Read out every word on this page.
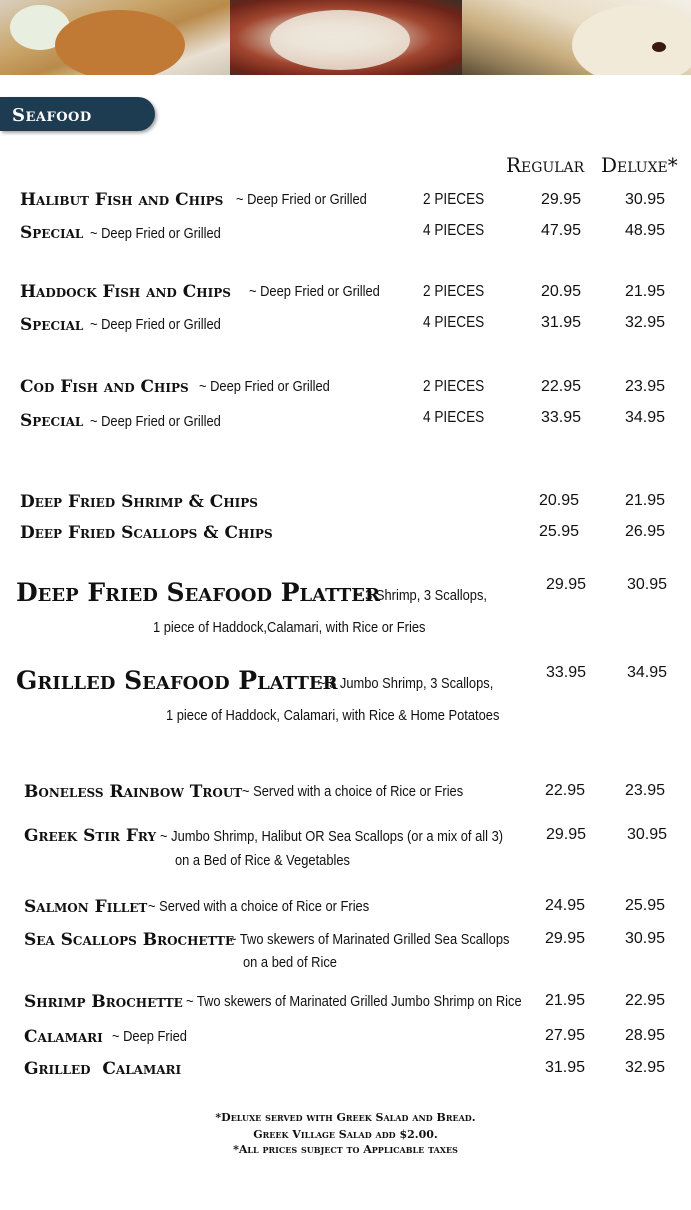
Seafood
Regular Deluxe*
Halibut Fish and Chips ~ Deep Fried or Grilled	2 PIECES	29.95	30.95
Special ~ Deep Fried or Grilled	4 PIECES	47.95	48.95
Haddock Fish and Chips ~ Deep Fried or Grilled	2 PIECES	20.95	21.95
Special ~ Deep Fried or Grilled	4 PIECES	31.95	32.95
Cod Fish and Chips ~ Deep Fried or Grilled	2 PIECES	22.95	23.95
Special ~ Deep Fried or Grilled	4 PIECES	33.95	34.95
Deep Fried Shrimp & Chips	20.95	21.95
Deep Fried Scallops & Chips	25.95	26.95
Deep Fried Seafood Platter
~ 3 Shrimp, 3 Scallops,
1 piece of Haddock,Calamari, with Rice or Fries
29.95	30.95
Grilled Seafood Platter
~ 3 Jumbo Shrimp, 3 Scallops,
1 piece of Haddock, Calamari, with Rice & Home Potatoes
33.95	34.95
Boneless Rainbow Trout ~ Served with a choice of Rice or Fries	22.95 23.95
Greek Stir Fry ~ Jumbo Shrimp, Halibut OR Sea Scallops (or a mix of all 3)
on a Bed of Rice & Vegetables
29.95	30.95
Salmon Fillet ~ Served with a choice of Rice or Fries	24.95 25.95
Sea Scallops Brochette
~ Two skewers of Marinated Grilled Sea Scallops
on a bed of Rice
29.95 30.95
Shrimp Brochette ~ Two skewers of Marinated Grilled Jumbo Shrimp on Rice 21.95 22.95
Calamari ~ Deep Fried	27.95 28.95
Grilled  Calamari	31.95 32.95
*Deluxe served with Greek Salad and Bread.
Greek Village Salad add $2.00.
*All prices subject to Applicable taxes
